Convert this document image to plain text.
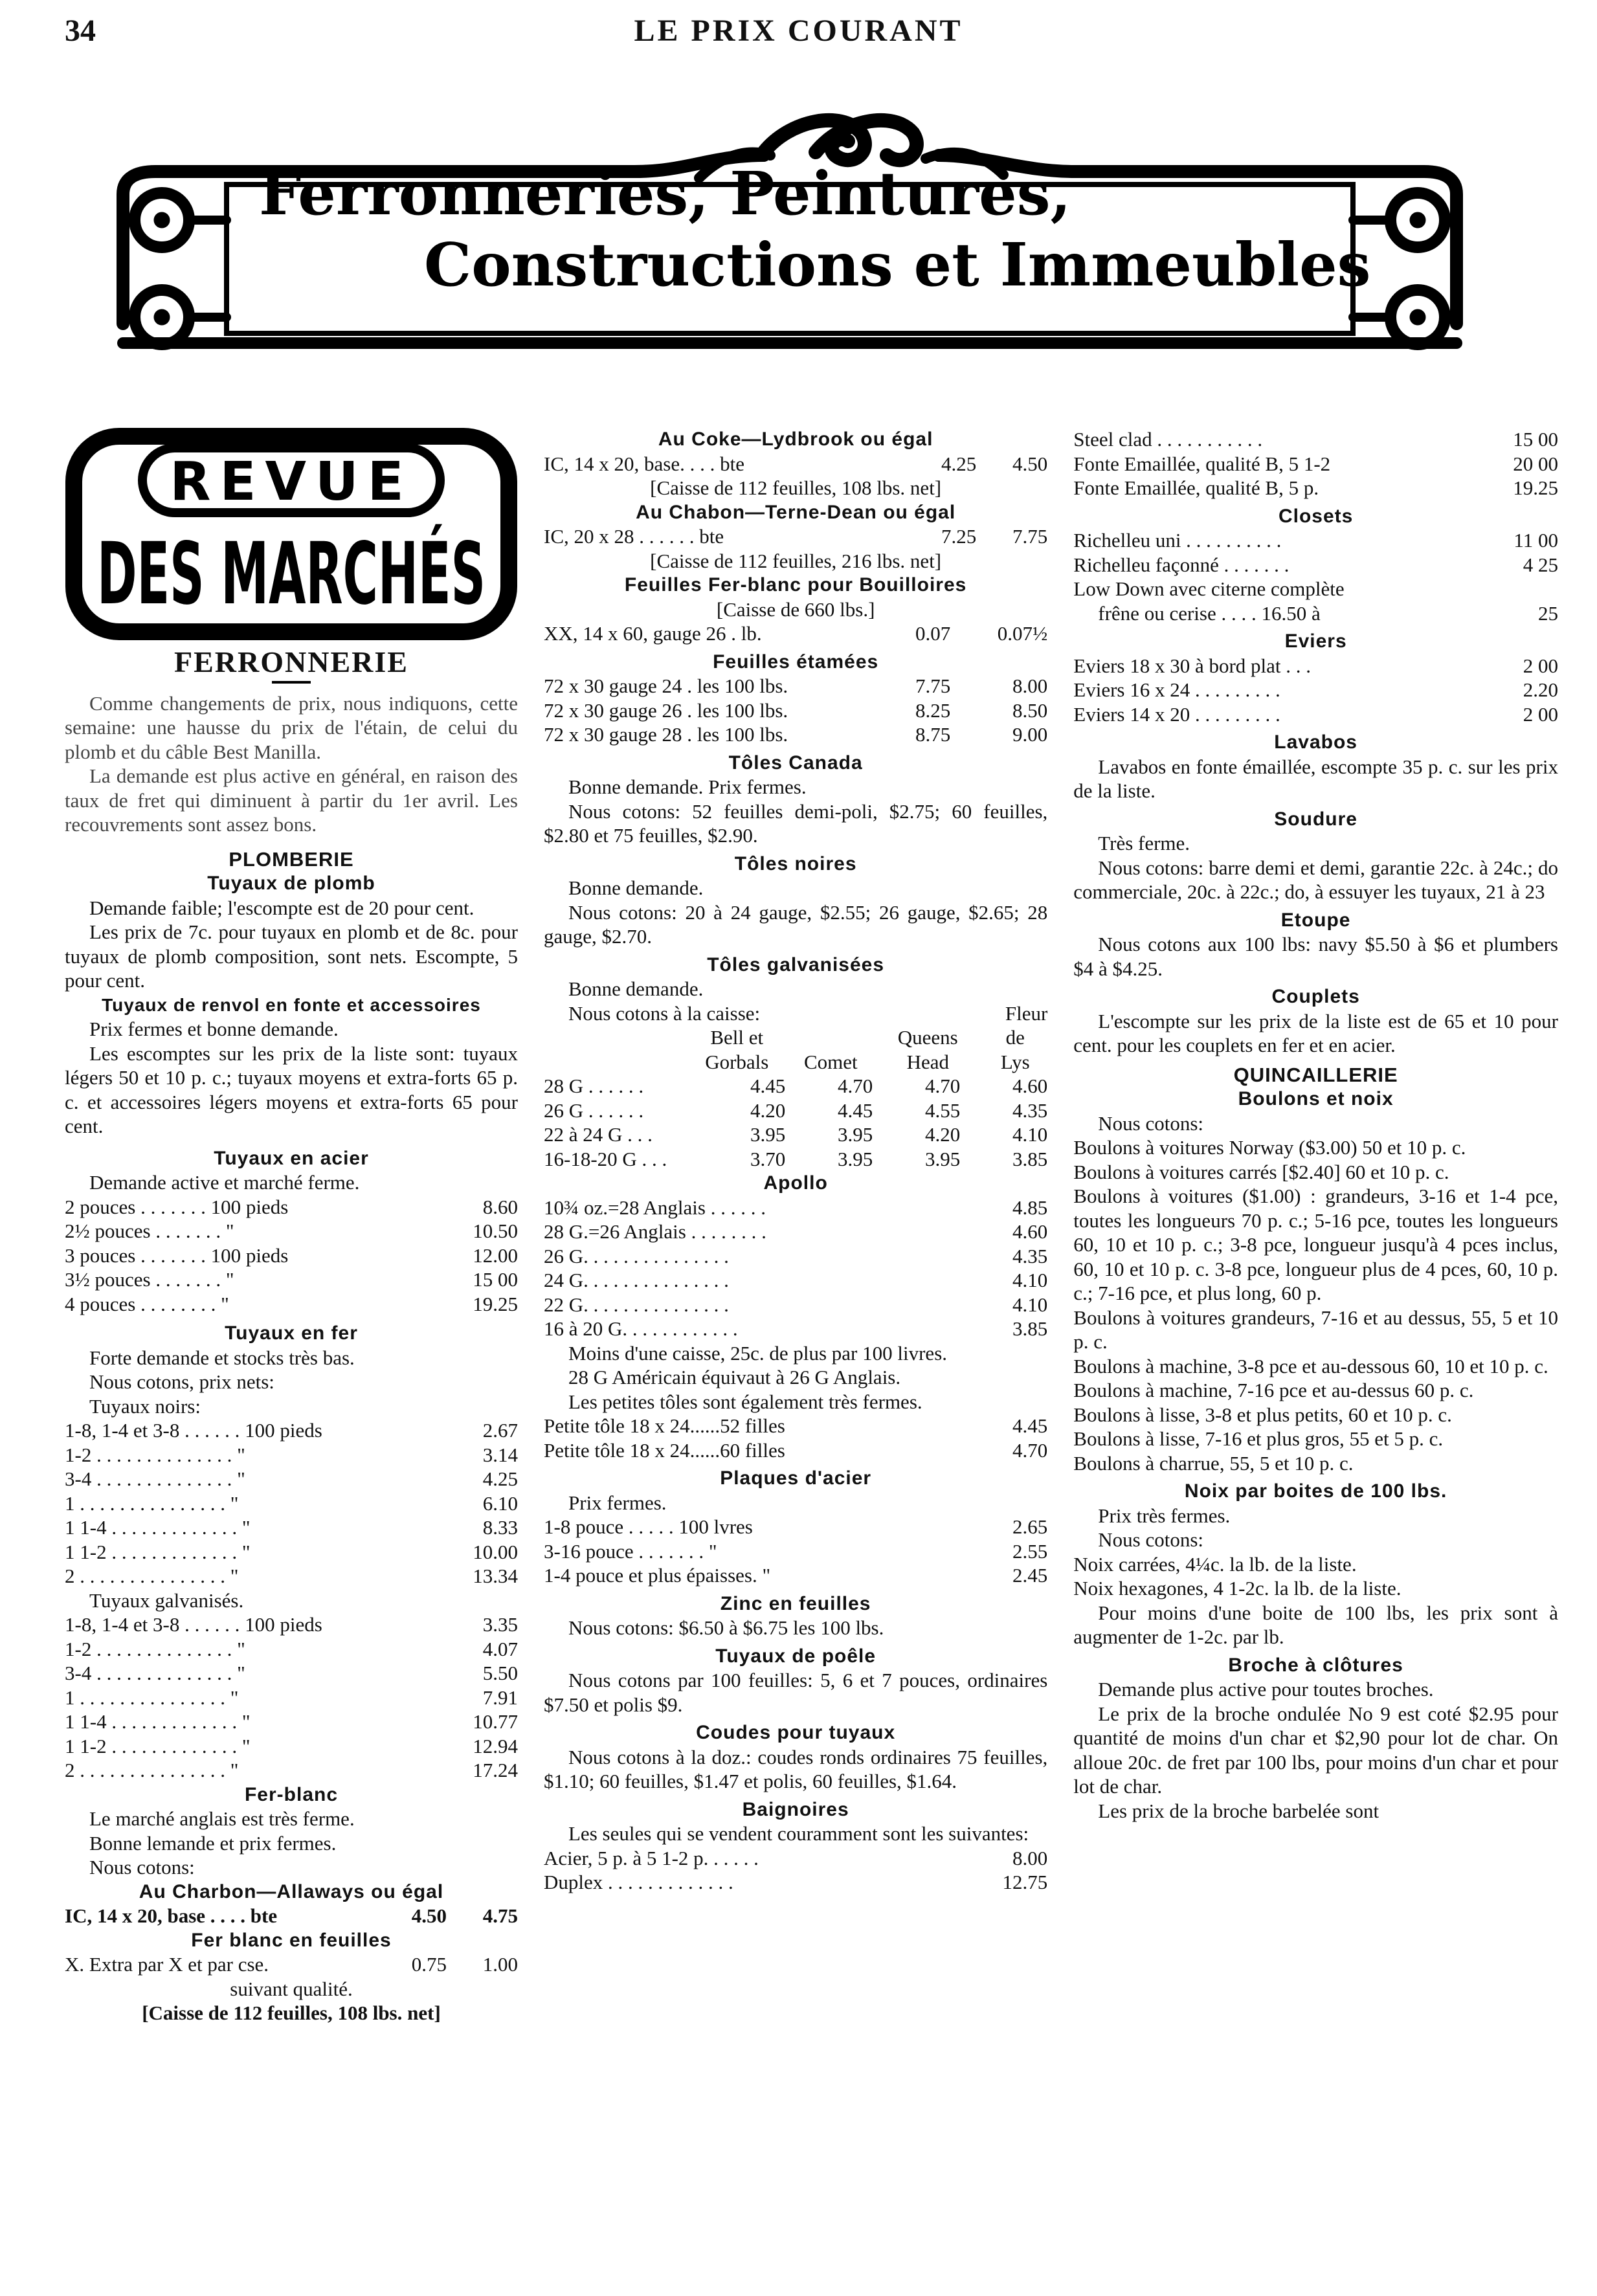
34	LE PRIX COURANT
Ferronneries, Peintures,
Constructions et Immeubles
REVUE
DES MAR
FERRONNERIE

Comme changements de prix, nous indiquons, cette semaine: une hausse du prix de l'étain, de celui du plomb et du câble Best Manilla.

La demande est plus active en général, en raison des taux de fret qui diminuent à partir du 1er avril. Les recouvrements sont assez bons.

PLOMBERIE
Tuyaux de plomb

Demande faible; l'escompte est de 20 pour cent.

Les prix de 7c. pour tuyaux en plomb et de 8c. pour tuyaux de plomb composition, sont nets. Escompte, 5 pour cent.

Tuyaux de renvol en fonte et accessoires

Prix fermes et bonne demande.

Les escomptes sur les prix de la liste sont: tuyaux légers 50 et 10 p. c.; tuyaux moyens et extra-forts 65 p. c. et accessoires légers moyens et extra-forts 65 pour cent.

Tuyaux en acier

Demande active et marché ferme.

2 pouces . . . . . . . 100 pieds	8.60
2½ pouces . . . . . . . "	10.50
3 pouces . . . . . . . 100 pieds	12.00
3½ pouces . . . . . . . "	15 00
4 pouces . . . . . . . . "	19.25
Tuyaux en fer

Forte demande et stocks très bas.

Nous cotons, prix nets:

Tuyaux noirs:

1-8, 1-4 et 3-8 . . . . . . 100 pieds	2.67
1-2 . . . . . . . . . . . . . . "	3.14
3-4 . . . . . . . . . . . . . . "	4.25
1 . . . . . . . . . . . . . . . "	6.10
1 1-4 . . . . . . . . . . . . . "	8.33
1 1-2 . . . . . . . . . . . . . "	10.00
2 . . . . . . . . . . . . . . . "	13.34

Tuyaux galvanisés.

1-8, 1-4 et 3-8 . . . . . . 100 pieds	3.35
1-2 . . . . . . . . . . . . . . "	4.07
3-4 . . . . . . . . . . . . . . "	5.50
1 . . . . . . . . . . . . . . . "	7.91
1 1-4 . . . . . . . . . . . . . "	10.77
1 1-2 . . . . . . . . . . . . . "	12.94
2 . . . . . . . . . . . . . . . "	17.24
Fer-blanc

Le marché anglais est très ferme.

Bonne lemande et prix fermes.

Nous cotons:

Au Charbon—Allaways ou égal
IC, 14 x 20, base . . . . bte	4.50	4.75
Fer blanc en feuilles
X. Extra par X et par cse.	0.75	1.00

suivant qualité.

[Caisse de 112 feuilles, 108 lbs. net]

Au Coke—Lydbrook ou égal
IC, 14 x 20, base. . . . bte	4.25	4.50

[Caisse de 112 feuilles, 108 lbs. net]

Au Chabon—Terne-Dean ou égal
IC, 20 x 28 . . . . . . bte	7.25	7.75

[Caisse de 112 feuilles, 216 lbs. net]

Feuilles Fer-blanc pour Bouilloires

[Caisse de 660 lbs.]

XX, 14 x 60, gauge 26 . lb.	0.07	0.07½
Feuilles étamées
72 x 30 gauge 24 . les 100 lbs.	7.75	8.00
72 x 30 gauge 26 . les 100 lbs.	8.25	8.50
72 x 30 gauge 28 . les 100 lbs.	8.75	9.00
Tôles Canada

Bonne demande. Prix fermes.

Nous cotons: 52 feuilles demi-poli, $2.75; 60 feuilles, $2.80 et 75 feuilles, $2.90.

Tôles noires

Bonne demande.

Nous cotons: 20 à 24 gauge, $2.55; 26 gauge, $2.65; 28 gauge, $2.70.

Tôles galvanisées

Bonne demande.

Nous cotons à la caisse:	Fleur
Bell et	Queens	de
Gorbals	Comet	Head	Lys
28 G . . . . . .	4.45	4.70	4.70	4.60
26 G . . . . . .	4.20	4.45	4.55	4.35
22 à 24 G . . .	3.95	3.95	4.20	4.10
16-18-20 G . . .	3.70	3.95	3.95	3.85
Apollo
10¾ oz.=28 Anglais . . . . . .	4.85
28 G.=26 Anglais . . . . . . . .	4.60
26 G. . . . . . . . . . . . . . .	4.35
24 G. . . . . . . . . . . . . . .	4.10
22 G. . . . . . . . . . . . . . .	4.10
16 à 20 G. . . . . . . . . . . .	3.85

Moins d'une caisse, 25c. de plus par 100 livres.

28 G Américain équivaut à 26 G Anglais.

Les petites tôles sont également très fermes.

Petite tôle 18 x 24......52 filles	4.45
Petite tôle 18 x 24......60 filles	4.70
Plaques d'acier

Prix fermes.

1-8 pouce . . . . . 100 lvres	2.65
3-16 pouce . . . . . . . "	2.55
1-4 pouce et plus épaisses. "	2.45
Zinc en feuilles

Nous cotons: $6.50 à $6.75 les 100 lbs.

Tuyaux de poêle

Nous cotons par 100 feuilles: 5, 6 et 7 pouces, ordinaires $7.50 et polis $9.

Coudes pour tuyaux

Nous cotons à la doz.: coudes ronds ordinaires 75 feuilles, $1.10; 60 feuilles, $1.47 et polis, 60 feuilles, $1.64.

Baignoires

Les seules qui se vendent couramment sont les suivantes:

Acier, 5 p. à 5 1-2 p. . . . . .	8.00
Duplex . . . . . . . . . . . . .	12.75
Steel clad . . . . . . . . . . .	15 00
Fonte Emaillée, qualité B, 5 1-2	20 00
Fonte Emaillée, qualité B, 5 p.	19.25
Closets
Richelleu uni . . . . . . . . . .	11 00
Richelleu façonné . . . . . . .	4 25

Low Down avec citerne complète

frêne ou cerise . . . . 16.50 à	25
Eviers
Eviers 18 x 30 à bord plat . . .	2 00
Eviers 16 x 24 . . . . . . . . .	2.20
Eviers 14 x 20 . . . . . . . . .	2 00
Lavabos

Lavabos en fonte émaillée, escompte 35 p. c. sur les prix de la liste.

Soudure

Très ferme.

Nous cotons: barre demi et demi, garantie 22c. à 24c.; do commerciale, 20c. à 22c.; do, à essuyer les tuyaux, 21 à 23

Etoupe

Nous cotons aux 100 lbs: navy $5.50 à $6 et plumbers $4 à $4.25.

Couplets

L'escompte sur les prix de la liste est de 65 et 10 pour cent. pour les couplets en fer et en acier.

QUINCAILLERIE
Boulons et noix

Nous cotons:

Boulons à voitures Norway ($3.00) 50 et 10 p. c.

Boulons à voitures carrés [$2.40] 60 et 10 p. c.

Boulons à voitures ($1.00) : grandeurs, 3-16 et 1-4 pce, toutes les longueurs 70 p. c.; 5-16 pce, toutes les longueurs 60, 10 et 10 p. c.; 3-8 pce, longueur jusqu'à 4 pces inclus, 60, 10 et 10 p. c. 3-8 pce, longueur plus de 4 pces, 60, 10 p. c.; 7-16 pce, et plus long, 60 p.

Boulons à voitures grandeurs, 7-16 et au dessus, 55, 5 et 10 p. c.

Boulons à machine, 3-8 pce et au-dessous 60, 10 et 10 p. c.

Boulons à machine, 7-16 pce et au-dessus 60 p. c.

Boulons à lisse, 3-8 et plus petits, 60 et 10 p. c.

Boulons à lisse, 7-16 et plus gros, 55 et 5 p. c.

Boulons à charrue, 55, 5 et 10 p. c.

Noix par boites de 100 lbs.

Prix très fermes.

Nous cotons:

Noix carrées, 4¼c. la lb. de la liste.

Noix hexagones, 4 1-2c. la lb. de la liste.

Pour moins d'une boite de 100 lbs, les prix sont à augmenter de 1-2c. par lb.

Broche à clôtures

Demande plus active pour toutes broches.

Le prix de la broche ondulée No 9 est coté $2.95 pour quantité de moins d'un char et $2,90 pour lot de char. On alloue 20c. de fret par 100 lbs, pour moins d'un char et pour lot de char.

Les prix de la broche barbelée sont
